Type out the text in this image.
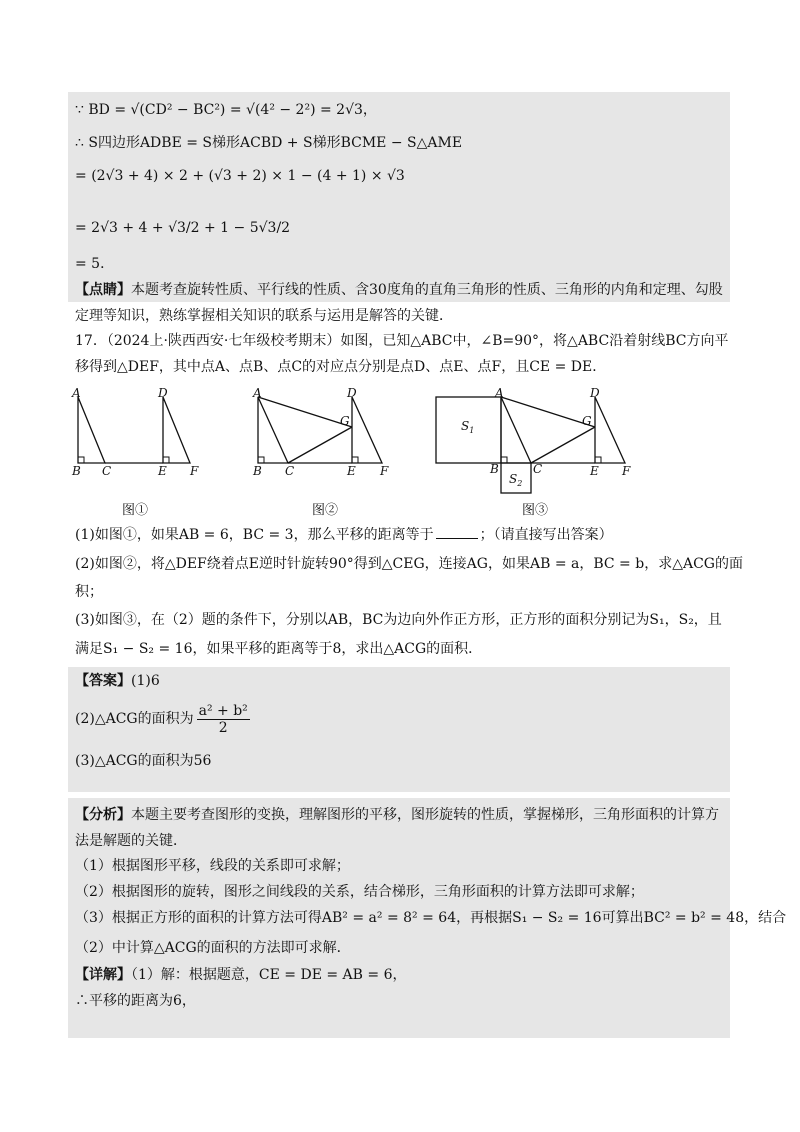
∵ BD = √(CD² − BC²) = √(4² − 2²) = 2√3，
∴ S四边形ADBE = S梯形ACBD + S梯形BCME − S△AME
= (2√3 + 4) × 2 + (√3 + 2) × 1 − (4 + 1) × √3
= 2√3 + 4 + √3/2 + 1 − 5√3/2
= 5．
【点睛】本题考查旋转性质、平行线的性质、含30度角的直角三角形的性质、三角形的内角和定理、勾股
定理等知识，熟练掌握相关知识的联系与运用是解答的关键．
17．（2024上·陕西西安·七年级校考期末）如图，已知△ABC中，∠B=90°，将△ABC沿着射线BC方向平
移得到△DEF，其中点A、点B、点C的对应点分别是点D、点E、点F，且CE = DE．
A
B C
D
E F
A
B C
D
G
E F
A
B	C
D
G
E F
$S_1$
$S_2$
图①	图②	图③
(1)如图①，如果AB = 6，BC = 3，那么平移的距离等于	；（请直接写出答案）
(2)如图②，将△DEF绕着点E逆时针旋转90°得到△CEG，连接AG，如果AB = a，BC = b，求△ACG的面
积；
(3)如图③，在（2）题的条件下，分别以AB，BC为边向外作正方形，正方形的面积分别记为S₁，S₂，且
满足S₁ − S₂ = 16，如果平移的距离等于8，求出△ACG的面积．
【答案】(1)6
(2)△ACG的面积为 $\frac{\text{a² + b²}}{2}$
(3)△ACG的面积为56
【分析】本题主要考查图形的变换，理解图形的平移，图形旋转的性质，掌握梯形，三角形面积的计算方
法是解题的关键．
（1）根据图形平移，线段的关系即可求解；
（2）根据图形的旋转，图形之间线段的关系，结合梯形，三角形面积的计算方法即可求解；
（3）根据正方形的面积的计算方法可得AB² = a² = 8² = 64，再根据S₁ − S₂ = 16可算出BC² = b² = 48，结合
（2）中计算△ACG的面积的方法即可求解．
【详解】（1）解：根据题意，CE = DE = AB = 6，
∴平移的距离为6，
